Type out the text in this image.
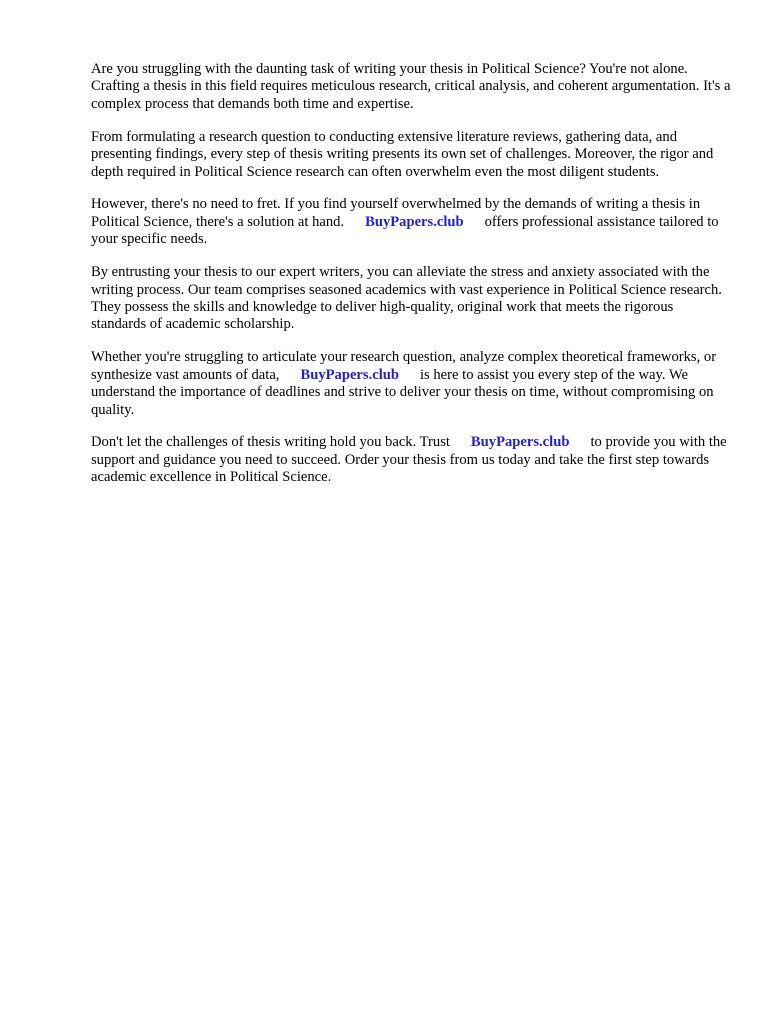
Are you struggling with the daunting task of writing your thesis in Political Science? You're not alone. Crafting a thesis in this field requires meticulous research, critical analysis, and coherent argumentation. It's a complex process that demands both time and expertise.

From formulating a research question to conducting extensive literature reviews, gathering data, and presenting findings, every step of thesis writing presents its own set of challenges. Moreover, the rigor and depth required in Political Science research can often overwhelm even the most diligent students.

However, there's no need to fret. If you find yourself overwhelmed by the demands of writing a thesis in Political Science, there's a solution at hand. BuyPapers.club offers professional assistance tailored to your specific needs.

By entrusting your thesis to our expert writers, you can alleviate the stress and anxiety associated with the writing process. Our team comprises seasoned academics with vast experience in Political Science research. They possess the skills and knowledge to deliver high-quality, original work that meets the rigorous standards of academic scholarship.

Whether you're struggling to articulate your research question, analyze complex theoretical frameworks, or synthesize vast amounts of data, BuyPapers.club is here to assist you every step of the way. We understand the importance of deadlines and strive to deliver your thesis on time, without compromising on quality.

Don't let the challenges of thesis writing hold you back. Trust BuyPapers.club to provide you with the support and guidance you need to succeed. Order your thesis from us today and take the first step towards academic excellence in Political Science.
